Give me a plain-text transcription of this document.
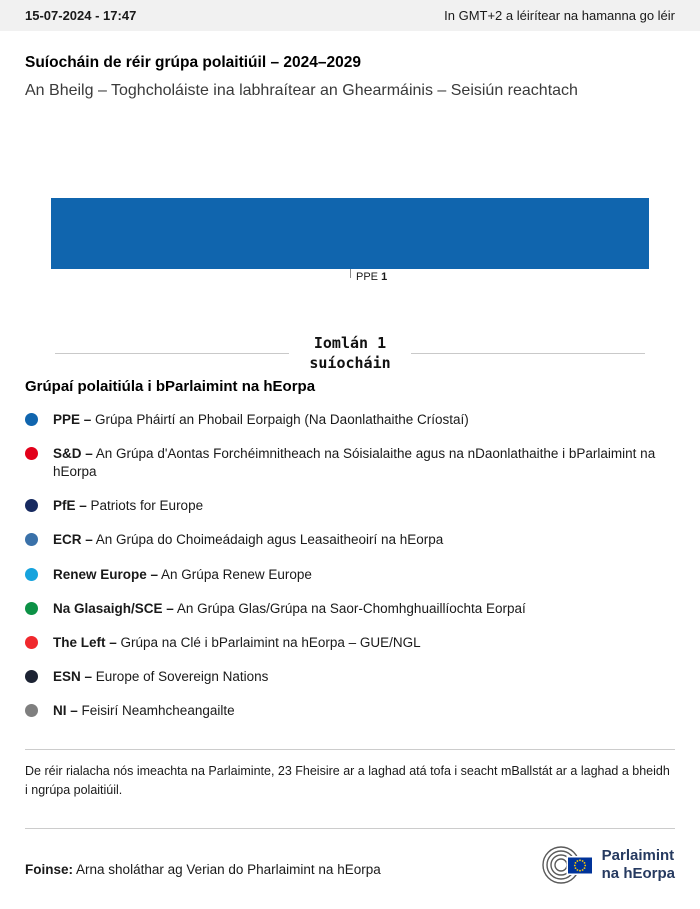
15-07-2024 - 17:47	In GMT+2 a léirítear na hamanna go léir
Suíocháin de réir grúpa polaitiúil – 2024–2029
An Bheilg – Toghcholáiste ina labhraítear an Ghearmáinis – Seisiún reachtach
PPE 1
Iomlán 1
suíocháin
Grúpaí polaitiúla i bParlaimint na hEorpa
PPE – Grúpa Pháirtí an Phobail Eorpaigh (Na Daonlathaithe Críostaí)
S&D – An Grúpa d'Aontas Forchéimnitheach na Sóisialaithe agus na nDaonlathaithe i bParlaimint na hEorpa
PfE – Patriots for Europe
ECR – An Grúpa do Choimeádaigh agus Leasaitheoirí na hEorpa
Renew Europe – An Grúpa Renew Europe
Na Glasaigh/SCE – An Grúpa Glas/Grúpa na Saor-Chomhghuaillíochta Eorpaí
The Left – Grúpa na Clé i bParlaimint na hEorpa – GUE/NGL
ESN – Europe of Sovereign Nations
NI – Feisirí Neamhcheangailte

De réir rialacha nós imeachta na Parlaiminte, 23 Fheisire ar a laghad atá tofa i seacht mBallstát ar a laghad a bheidh i ngrúpa polaitiúil.

Foinse: Arna sholáthar ag Verian do Pharlaimint na hEorpa

Parlaimint
na hEorpa
